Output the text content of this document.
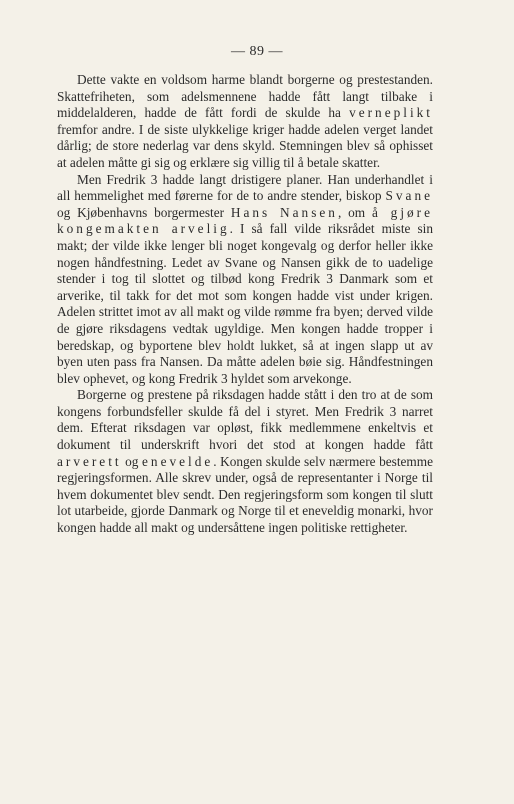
— 89 —

Dette vakte en voldsom harme blandt borgerne og prestestanden. Skattefriheten, som adelsmennene hadde fått langt tilbake i middelalderen, hadde de fått fordi de skulde ha verneplikt fremfor andre. I de siste ulykkelige kriger hadde adelen verget landet dårlig; de store nederlag var dens skyld. Stemningen blev så ophisset at adelen måtte gi sig og erklære sig villig til å betale skatter.

Men Fredrik 3 hadde langt dristigere planer. Han underhandlet i all hemmelighet med førerne for de to andre stender, biskop Svane og Kjøbenhavns borgermester Hans Nansen, om å gjøre kongemakten arvelig. I så fall vilde riksrådet miste sin makt; der vilde ikke lenger bli noget kongevalg og derfor heller ikke nogen håndfestning. Ledet av Svane og Nansen gikk de to uadelige stender i tog til slottet og tilbød kong Fredrik 3 Danmark som et arverike, til takk for det mot som kongen hadde vist under krigen. Adelen strittet imot av all makt og vilde rømme fra byen; derved vilde de gjøre riksdagens vedtak ugyldige. Men kongen hadde tropper i beredskap, og byportene blev holdt lukket, så at ingen slapp ut av byen uten pass fra Nansen. Da måtte adelen bøie sig. Håndfestningen blev ophevet, og kong Fredrik 3 hyldet som arvekonge.

Borgerne og prestene på riksdagen hadde stått i den tro at de som kongens forbundsfeller skulde få del i styret. Men Fredrik 3 narret dem. Efterat riksdagen var opløst, fikk medlemmene enkeltvis et dokument til underskrift hvori det stod at kongen hadde fått arverett og enevelde. Kongen skulde selv nærmere bestemme regjeringsformen. Alle skrev under, også de representanter i Norge til hvem dokumentet blev sendt. Den regjeringsform som kongen til slutt lot utarbeide, gjorde Danmark og Norge til et eneveldig monarki, hvor kongen hadde all makt og undersåttene ingen politiske rettigheter.
